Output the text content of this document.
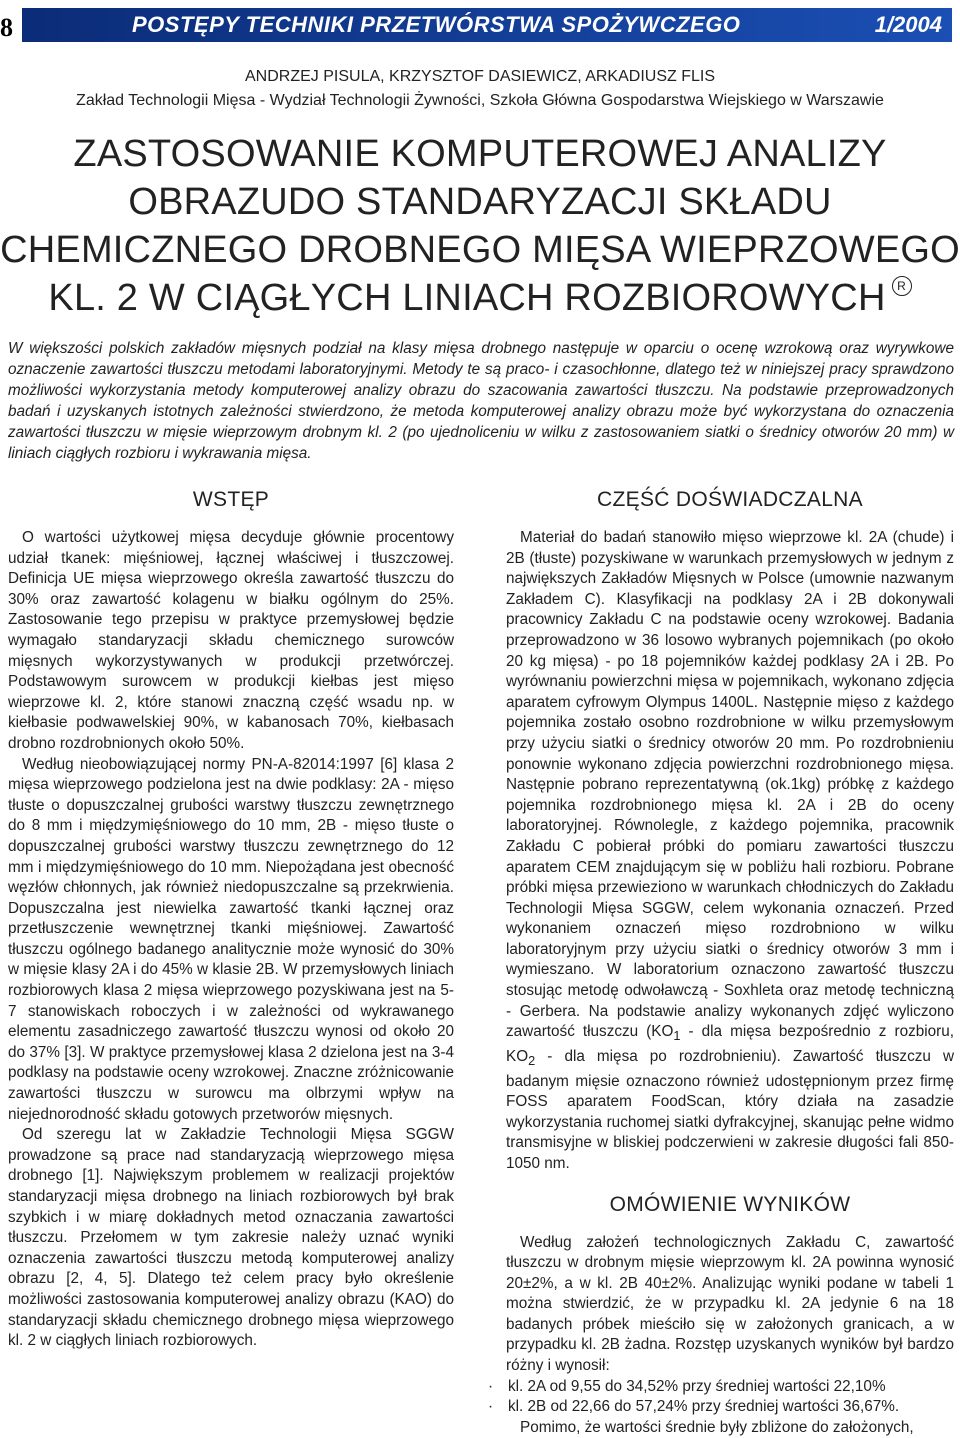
8	POSTĘPY TECHNIKI PRZETWÓRSTWA SPOŻYWCZEGO	1/2004
ANDRZEJ PISULA, KRZYSZTOF DASIEWICZ, ARKADIUSZ FLIS
Zakład Technologii Mięsa - Wydział Technologii Żywności, Szkoła Główna Gospodarstwa Wiejskiego w Warszawie
ZASTOSOWANIE KOMPUTEROWEJ ANALIZY
OBRAZUDO STANDARYZACJI SKŁADU
CHEMICZNEGO DROBNEGO MIĘSA WIEPRZOWEGO
KL. 2 W CIĄGŁYCH LINIACH ROZBIOROWYCH R

W większości polskich zakładów mięsnych podział na klasy mięsa drobnego następuje w oparciu o ocenę wzrokową oraz wyrywkowe oznaczenie zawartości tłuszczu metodami laboratoryjnymi. Metody te są praco- i czasochłonne, dlatego też w niniejszej pracy sprawdzono możliwości wykorzystania metody komputerowej analizy obrazu do szacowania zawartości tłuszczu. Na podstawie przeprowadzonych badań i uzyskanych istotnych zależności stwierdzono, że metoda komputerowej analizy obrazu może być wykorzystana do oznaczenia zawartości tłuszczu w mięsie wieprzowym drobnym kl. 2 (po ujednoliceniu w wilku z zastosowaniem siatki o średnicy otworów 20 mm) w liniach ciągłych rozbioru i wykrawania mięsa.

WSTĘP

O wartości użytkowej mięsa decyduje głównie procentowy udział tkanek: mięśniowej, łącznej właściwej i tłuszczowej. Definicja UE mięsa wieprzowego określa zawartość tłuszczu do 30% oraz zawartość kolagenu w białku ogólnym do 25%. Zastosowanie tego przepisu w praktyce przemysłowej będzie wymagało standaryzacji składu chemicznego surowców mięsnych wykorzystywanych w produkcji przetwórczej. Podstawowym surowcem w produkcji kiełbas jest mięso wieprzowe kl. 2, które stanowi znaczną część wsadu np. w kiełbasie podwawelskiej 90%, w kabanosach 70%, kiełbasach drobno rozdrobnionych około 50%.

Według nieobowiązującej normy PN-A-82014:1997 [6] klasa 2 mięsa wieprzowego podzielona jest na dwie podklasy: 2A - mięso tłuste o dopuszczalnej grubości warstwy tłuszczu zewnętrznego do 8 mm i międzymięśniowego do 10 mm, 2B - mięso tłuste o dopuszczalnej grubości warstwy tłuszczu zewnętrznego do 12 mm i międzymięśniowego do 10 mm. Niepożądana jest obecność węzłów chłonnych, jak również niedopuszczalne są przekrwienia. Dopuszczalna jest niewielka zawartość tkanki łącznej oraz przetłuszczenie wewnętrznej tkanki mięśniowej. Zawartość tłuszczu ogólnego badanego analitycznie może wynosić do 30% w mięsie klasy 2A i do 45% w klasie 2B. W przemysłowych liniach rozbiorowych klasa 2 mięsa wieprzowego pozyskiwana jest na 5-7 stanowiskach roboczych i w zależności od wykrawanego elementu zasadniczego zawartość tłuszczu wynosi od około 20 do 37% [3]. W praktyce przemysłowej klasa 2 dzielona jest na 3-4 podklasy na podstawie oceny wzrokowej. Znaczne zróżnicowanie zawartości tłuszczu w surowcu ma olbrzymi wpływ na niejednorodność składu gotowych przetworów mięsnych.

Od szeregu lat w Zakładzie Technologii Mięsa SGGW prowadzone są prace nad standaryzacją wieprzowego mięsa drobnego [1]. Największym problemem w realizacji projektów standaryzacji mięsa drobnego na liniach rozbiorowych był brak szybkich i w miarę dokładnych metod oznaczania zawartości tłuszczu. Przełomem w tym zakresie należy uznać wyniki oznaczenia zawartości tłuszczu metodą komputerowej analizy obrazu [2, 4, 5]. Dlatego też celem pracy było określenie możliwości zastosowania komputerowej analizy obrazu (KAO) do standaryzacji składu chemicznego drobnego mięsa wieprzowego kl. 2 w ciągłych liniach rozbiorowych.

CZĘŚĆ DOŚWIADCZALNA

Materiał do badań stanowiło mięso wieprzowe kl. 2A (chude) i 2B (tłuste) pozyskiwane w warunkach przemysłowych w jednym z największych Zakładów Mięsnych w Polsce (umownie nazwanym Zakładem C). Klasyfikacji na podklasy 2A i 2B dokonywali pracownicy Zakładu C na podstawie oceny wzrokowej. Badania przeprowadzono w 36 losowo wybranych pojemnikach (po około 20 kg mięsa) - po 18 pojemników każdej podklasy 2A i 2B. Po wyrównaniu powierzchni mięsa w pojemnikach, wykonano zdjęcia aparatem cyfrowym Olympus 1400L. Następnie mięso z każdego pojemnika zostało osobno rozdrobnione w wilku przemysłowym przy użyciu siatki o średnicy otworów 20 mm. Po rozdrobnieniu ponownie wykonano zdjęcia powierzchni rozdrobnionego mięsa. Następnie pobrano reprezentatywną (ok.1kg) próbkę z każdego pojemnika rozdrobnionego mięsa kl. 2A i 2B do oceny laboratoryjnej. Równolegle, z każdego pojemnika, pracownik Zakładu C pobierał próbki do pomiaru zawartości tłuszczu aparatem CEM znajdującym się w pobliżu hali rozbioru. Pobrane próbki mięsa przewieziono w warunkach chłodniczych do Zakładu Technologii Mięsa SGGW, celem wykonania oznaczeń. Przed wykonaniem oznaczeń mięso rozdrobniono w wilku laboratoryjnym przy użyciu siatki o średnicy otworów 3 mm i wymieszano. W laboratorium oznaczono zawartość tłuszczu stosując metodę odwoławczą - Soxhleta oraz metodę techniczną - Gerbera. Na podstawie analizy wykonanych zdjęć wyliczono zawartość tłuszczu ($KO_1$ - dla mięsa bezpośrednio z rozbioru, $KO_2$ - dla mięsa po rozdrobnieniu). Zawartość tłuszczu w badanym mięsie oznaczono również udostępnionym przez firmę FOSS aparatem FoodScan, który działa na zasadzie wykorzystania ruchomej siatki dyfrakcyjnej, skanując pełne widmo transmisyjne w bliskiej podczerwieni w zakresie długości fali 850-1050 nm.

OMÓWIENIE WYNIKÓW

Według założeń technologicznych Zakładu C, zawartość tłuszczu w drobnym mięsie wieprzowym kl. 2A powinna wynosić 20±2%, a w kl. 2B 40±2%. Analizując wyniki podane w tabeli 1 można stwierdzić, że w przypadku kl. 2A jedynie 6 na 18 badanych próbek mieściło się w założonych granicach, a w przypadku kl. 2B żadna. Rozstęp uzyskanych wyników był bardzo różny i wynosił:

· kl. 2A od 9,55 do 34,52% przy średniej wartości 22,10%
· kl. 2B od 22,66 do 57,24% przy średniej wartości 36,67%.

Pomimo, że wartości średnie były zbliżone do założonych,
